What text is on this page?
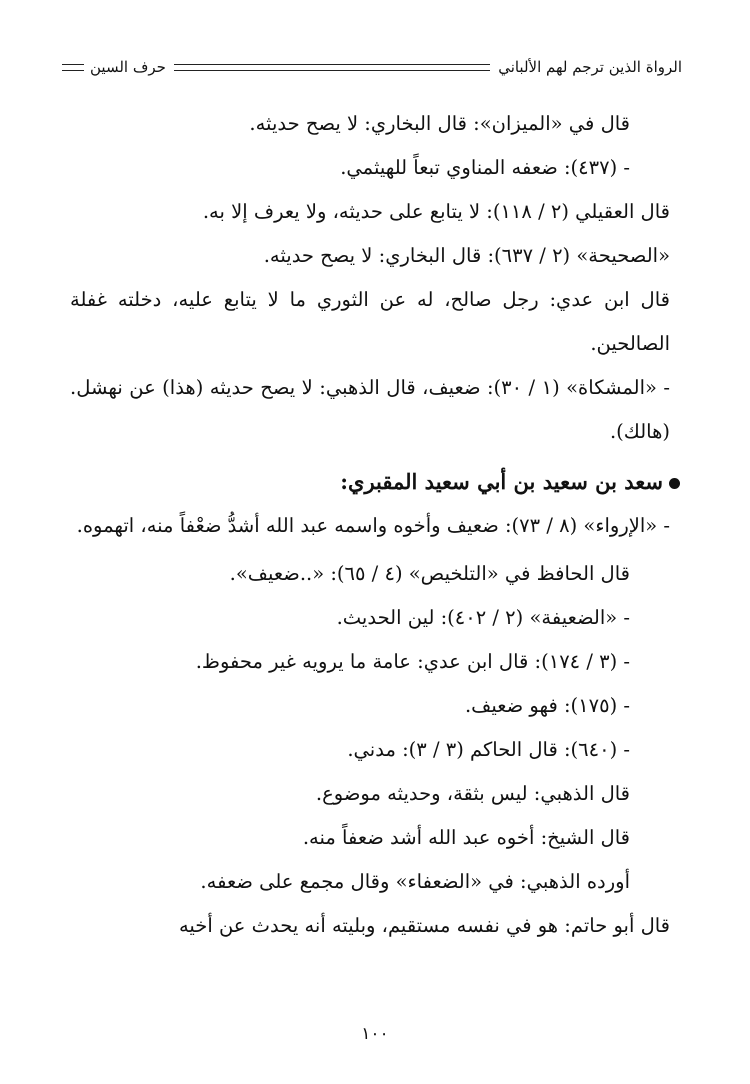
الرواة الذين ترجم لهم الألباني
حرف السين
قال في «الميزان»: قال البخاري: لا يصح حديثه.
- (٤٣٧): ضعفه المناوي تبعاً للهيثمي.
قال العقيلي (٢ / ١١٨): لا يتابع على حديثه، ولا يعرف إلا به.
«الصحيحة» (٢ / ٦٣٧): قال البخاري: لا يصح حديثه.
قال ابن عدي: رجل صالح، له عن الثوري ما لا يتابع عليه، دخلته غفلة الصالحين.
- «المشكاة» (١ / ٣٠): ضعيف، قال الذهبي: لا يصح حديثه (هذا) عن نهشل. (هالك).
سعد بن سعيد بن أبي سعيد المقبري:
- «الإرواء» (٨ / ٧٣): ضعيف وأخوه واسمه عبد الله أشدُّ ضعْفاً منه، اتهموه.
قال الحافظ في «التلخيص» (٤ / ٦٥): «..ضعيف».
- «الضعيفة» (٢ / ٤٠٢): لين الحديث.
- (٣ / ١٧٤): قال ابن عدي: عامة ما يرويه غير محفوظ.
- (١٧٥): فهو ضعيف.
- (٦٤٠): قال الحاكم (٣ / ٣): مدني.
قال الذهبي: ليس بثقة، وحديثه موضوع.
قال الشيخ: أخوه عبد الله أشد ضعفاً منه.
أورده الذهبي: في «الضعفاء» وقال مجمع على ضعفه.
قال أبو حاتم: هو في نفسه مستقيم، وبليته أنه يحدث عن أخيه
١٠٠
